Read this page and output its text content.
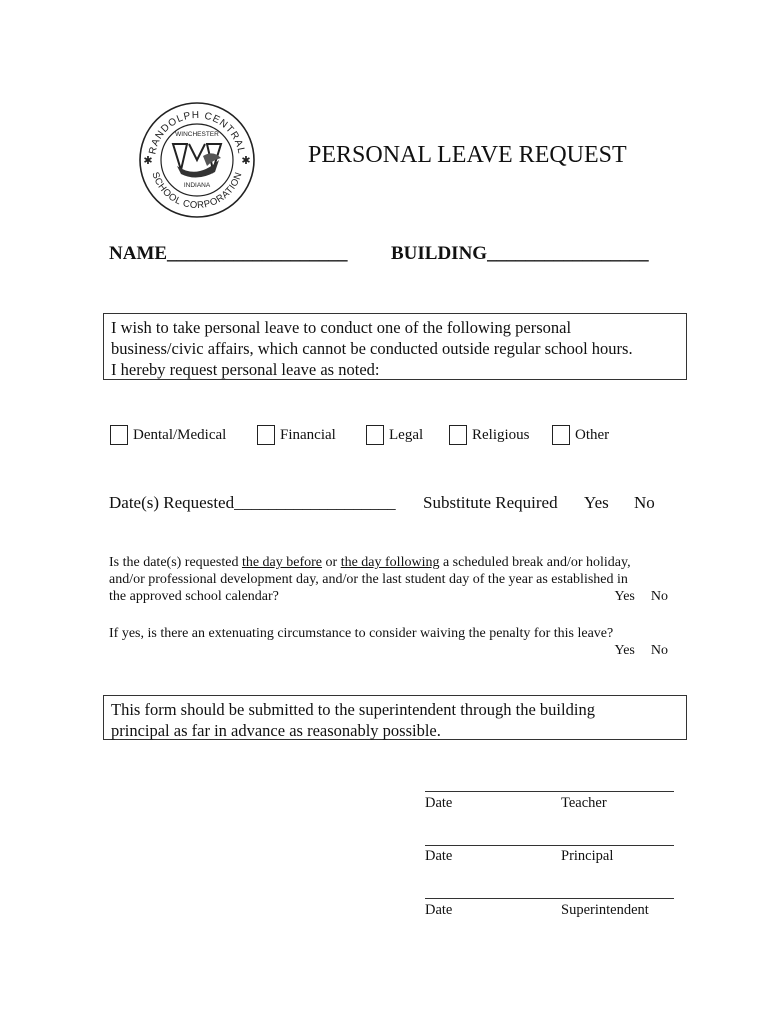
RANDOLPH CENTRAL
SCHOOL CORPORATION
WINCHESTER
INDIANA
✱	✱ PERSONAL LEAVE REQUEST
NAME___________________ BUILDING_________________
I wish to take personal leave to conduct one of the following personal
business/civic affairs, which cannot be conducted outside regular school hours.
I hereby request personal leave as noted:
Dental/Medical	Financial	Legal	Religious	Other
Date(s) Requested___________________ Substitute Required Yes No
Is the date(s) requested the day before or the day following a scheduled break and/or holiday,
and/or professional development day, and/or the last student day of the year as established in
the approved school calendar?	Yes No
If yes, is there an extenuating circumstance to consider waiving the penalty for this leave?
Yes No
This form should be submitted to the superintendent through the building
principal as far in advance as reasonably possible.
Date	Teacher
Date	Principal
Date	Superintendent
